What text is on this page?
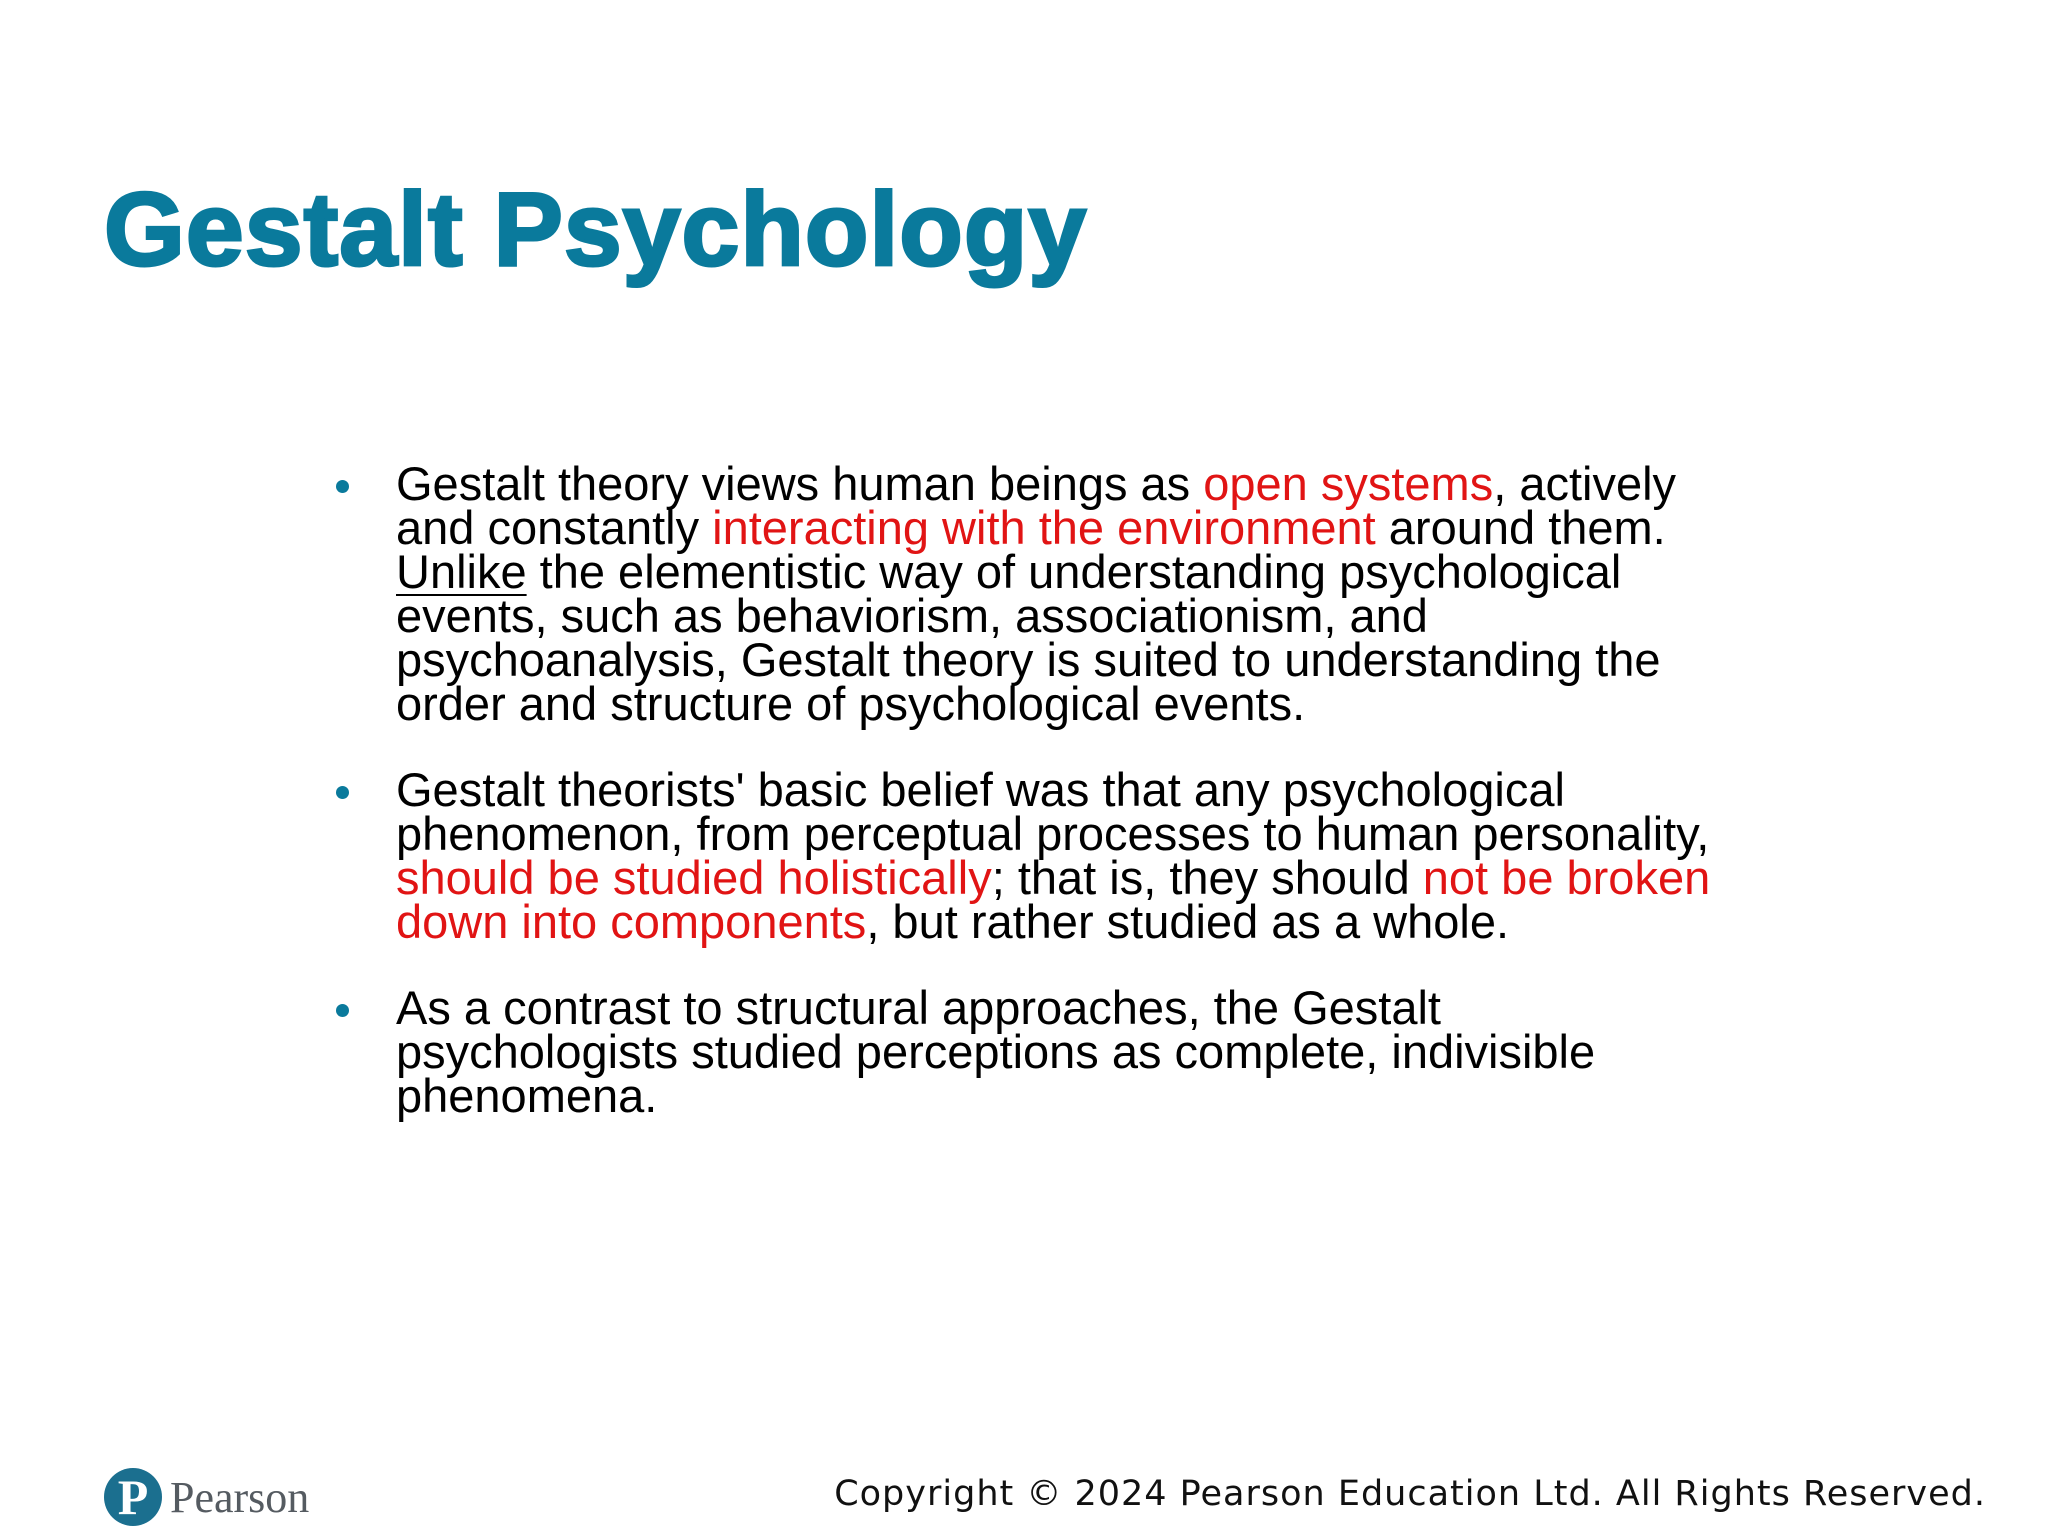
Gestalt Psychology
Gestalt theory views human beings as open systems, actively and constantly interacting with the environment around them. Unlike the elementistic way of understanding psychological events, such as behaviorism, associationism, and psychoanalysis, Gestalt theory is suited to understanding the order and structure of psychological events.
Gestalt theorists' basic belief was that any psychological phenomenon, from perceptual processes to human personality, should be studied holistically; that is, they should not be broken down into components, but rather studied as a whole.
As a contrast to structural approaches, the Gestalt psychologists studied perceptions as complete, indivisible phenomena.
P Pearson	Copyright © 2024 Pearson Education Ltd. All Rights Reserved.
